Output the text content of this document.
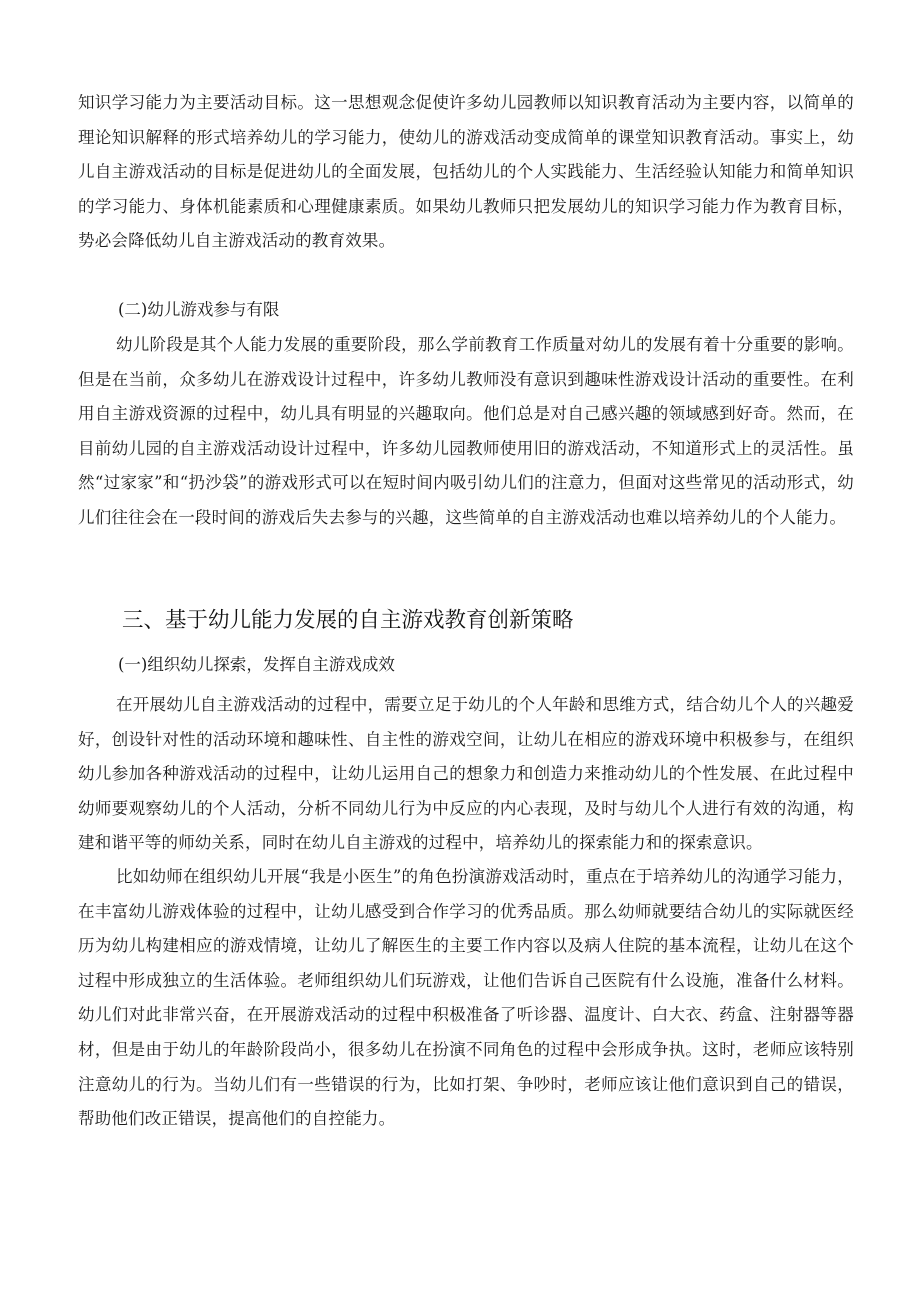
知识学习能力为主要活动目标。这一思想观念促使许多幼儿园教师以知识教育活动为主要内容，以简单的理论知识解释的形式培养幼儿的学习能力，使幼儿的游戏活动变成简单的课堂知识教育活动。事实上，幼儿自主游戏活动的目标是促进幼儿的全面发展，包括幼儿的个人实践能力、生活经验认知能力和简单知识的学习能力、身体机能素质和心理健康素质。如果幼儿教师只把发展幼儿的知识学习能力作为教育目标，势必会降低幼儿自主游戏活动的教育效果。

(二)幼儿游戏参与有限

幼儿阶段是其个人能力发展的重要阶段，那么学前教育工作质量对幼儿的发展有着十分重要的影响。但是在当前，众多幼儿在游戏设计过程中，许多幼儿教师没有意识到趣味性游戏设计活动的重要性。在利用自主游戏资源的过程中，幼儿具有明显的兴趣取向。他们总是对自己感兴趣的领域感到好奇。然而，在目前幼儿园的自主游戏活动设计过程中，许多幼儿园教师使用旧的游戏活动，不知道形式上的灵活性。虽然“过家家”和“扔沙袋”的游戏形式可以在短时间内吸引幼儿们的注意力，但面对这些常见的活动形式，幼儿们往往会在一段时间的游戏后失去参与的兴趣，这些简单的自主游戏活动也难以培养幼儿的个人能力。

三、基于幼儿能力发展的自主游戏教育创新策略
(一)组织幼儿探索，发挥自主游戏成效

在开展幼儿自主游戏活动的过程中，需要立足于幼儿的个人年龄和思维方式，结合幼儿个人的兴趣爱好，创设针对性的活动环境和趣味性、自主性的游戏空间，让幼儿在相应的游戏环境中积极参与，在组织幼儿参加各种游戏活动的过程中，让幼儿运用自己的想象力和创造力来推动幼儿的个性发展、在此过程中幼师要观察幼儿的个人活动，分析不同幼儿行为中反应的内心表现，及时与幼儿个人进行有效的沟通，构建和谐平等的师幼关系，同时在幼儿自主游戏的过程中，培养幼儿的探索能力和的探索意识。

比如幼师在组织幼儿开展“我是小医生”的角色扮演游戏活动时，重点在于培养幼儿的沟通学习能力，在丰富幼儿游戏体验的过程中，让幼儿感受到合作学习的优秀品质。那么幼师就要结合幼儿的实际就医经历为幼儿构建相应的游戏情境，让幼儿了解医生的主要工作内容以及病人住院的基本流程，让幼儿在这个过程中形成独立的生活体验。老师组织幼儿们玩游戏，让他们告诉自己医院有什么设施，准备什么材料。幼儿们对此非常兴奋，在开展游戏活动的过程中积极准备了听诊器、温度计、白大衣、药盒、注射器等器材，但是由于幼儿的年龄阶段尚小，很多幼儿在扮演不同角色的过程中会形成争执。这时，老师应该特别注意幼儿的行为。当幼儿们有一些错误的行为，比如打架、争吵时，老师应该让他们意识到自己的错误，帮助他们改正错误，提高他们的自控能力。
